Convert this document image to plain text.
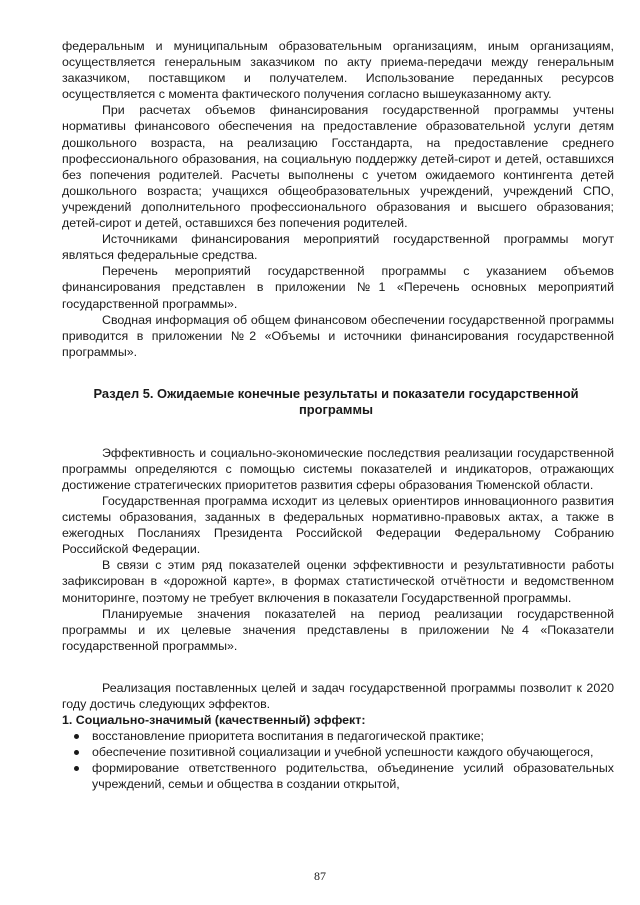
федеральным и муниципальным образовательным организациям, иным организациям, осуществляется генеральным заказчиком по акту приема-передачи между генеральным заказчиком, поставщиком и получателем. Использование переданных ресурсов осуществляется с момента фактического получения согласно вышеуказанному акту.

При расчетах объемов финансирования государственной программы учтены нормативы финансового обеспечения на предоставление образовательной услуги детям дошкольного возраста, на реализацию Госстандарта, на предоставление среднего профессионального образования, на социальную поддержку детей-сирот и детей, оставшихся без попечения родителей. Расчеты выполнены с учетом ожидаемого контингента детей дошкольного возраста; учащихся общеобразовательных учреждений, учреждений СПО, учреждений дополнительного профессионального образования и высшего образования; детей-сирот и детей, оставшихся без попечения родителей.

Источниками финансирования мероприятий государственной программы могут являться федеральные средства.

Перечень мероприятий государственной программы с указанием объемов финансирования представлен в приложении №1 «Перечень основных мероприятий государственной программы».

Сводная информация об общем финансовом обеспечении государственной программы приводится в приложении №2 «Объемы и источники финансирования государственной программы».

Раздел 5. Ожидаемые конечные результаты и показатели государственной программы

Эффективность и социально-экономические последствия реализации государственной программы определяются с помощью системы показателей и индикаторов, отражающих достижение стратегических приоритетов развития сферы образования Тюменской области.

Государственная программа исходит из целевых ориентиров инновационного развития системы образования, заданных в федеральных нормативно-правовых актах, а также в ежегодных Посланиях Президента Российской Федерации Федеральному Собранию Российской Федерации.

В связи с этим ряд показателей оценки эффективности и результативности работы зафиксирован в «дорожной карте», в формах статистической отчётности и ведомственном мониторинге, поэтому не требует включения в показатели Государственной программы.

Планируемые значения показателей на период реализации государственной программы и их целевые значения представлены в приложении №4 «Показатели государственной программы».

Реализация поставленных целей и задач государственной программы позволит к 2020 году достичь следующих эффектов.

1. Социально-значимый (качественный) эффект:

восстановление приоритета воспитания в педагогической практике;
обеспечение позитивной социализации и учебной успешности каждого обучающегося,
формирование ответственного родительства, объединение усилий образовательных учреждений, семьи и общества в создании открытой,
87
